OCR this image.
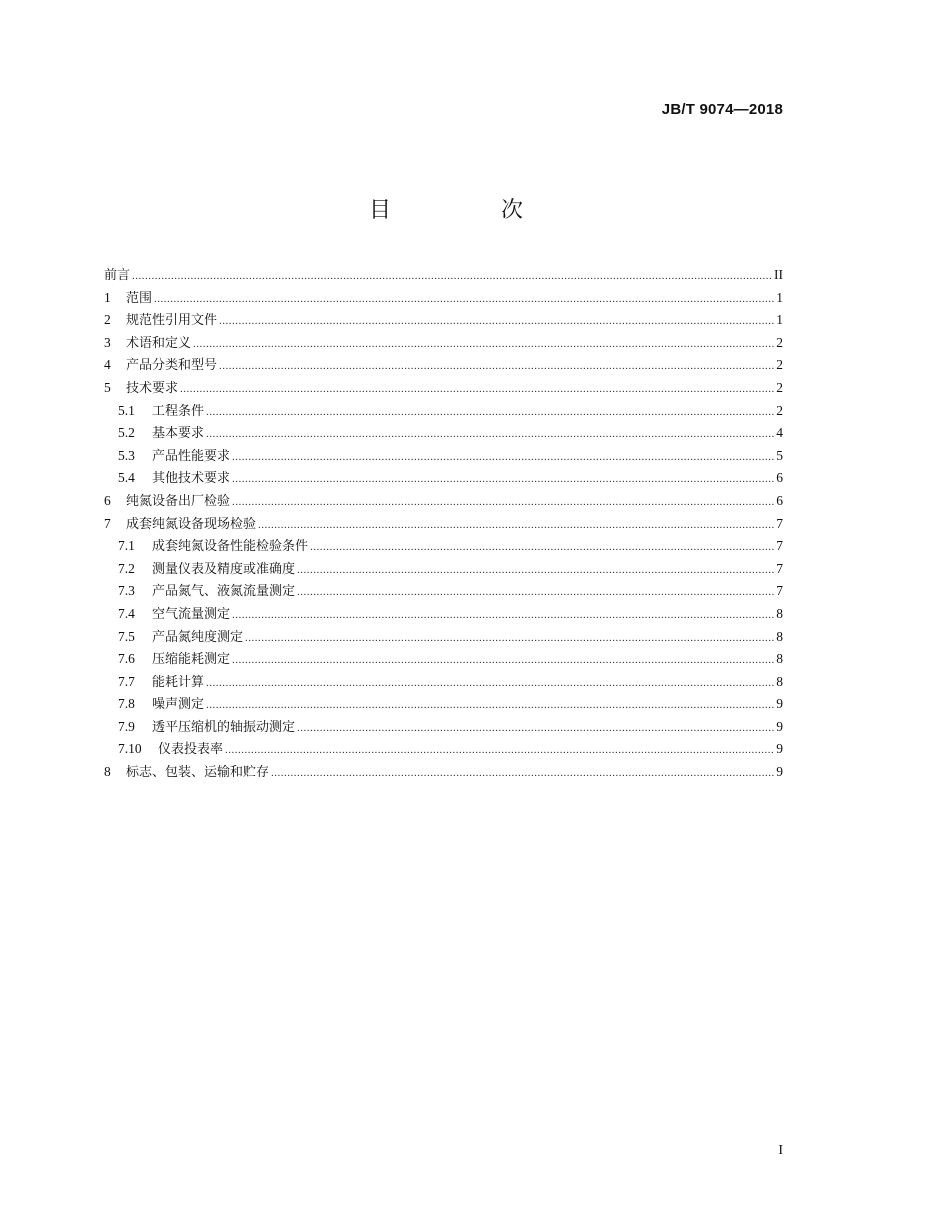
JB/T 9074—2018
目　次
前言 .....	II
1	范围 .....	1
2	规范性引用文件 .....	1
3	术语和定义 .....	2
4	产品分类和型号 .....	2
5	技术要求 .....	2
5.1	工程条件 .....	2
5.2	基本要求 .....	4
5.3	产品性能要求 .....	5
5.4	其他技术要求 .....	6
6	纯氮设备出厂检验 .....	6
7	成套纯氮设备现场检验 .....	7
7.1	成套纯氮设备性能检验条件 .....	7
7.2	测量仪表及精度或准确度 .....	7
7.3	产品氮气、液氮流量测定 .....	7
7.4	空气流量测定 .....	8
7.5	产品氮纯度测定 .....	8
7.6	压缩能耗测定 .....	8
7.7	能耗计算 .....	8
7.8	噪声测定 .....	9
7.9	透平压缩机的轴振动测定 .....	9
7.10	仪表投表率 .....	9
8	标志、包装、运输和贮存 .....	9
I
